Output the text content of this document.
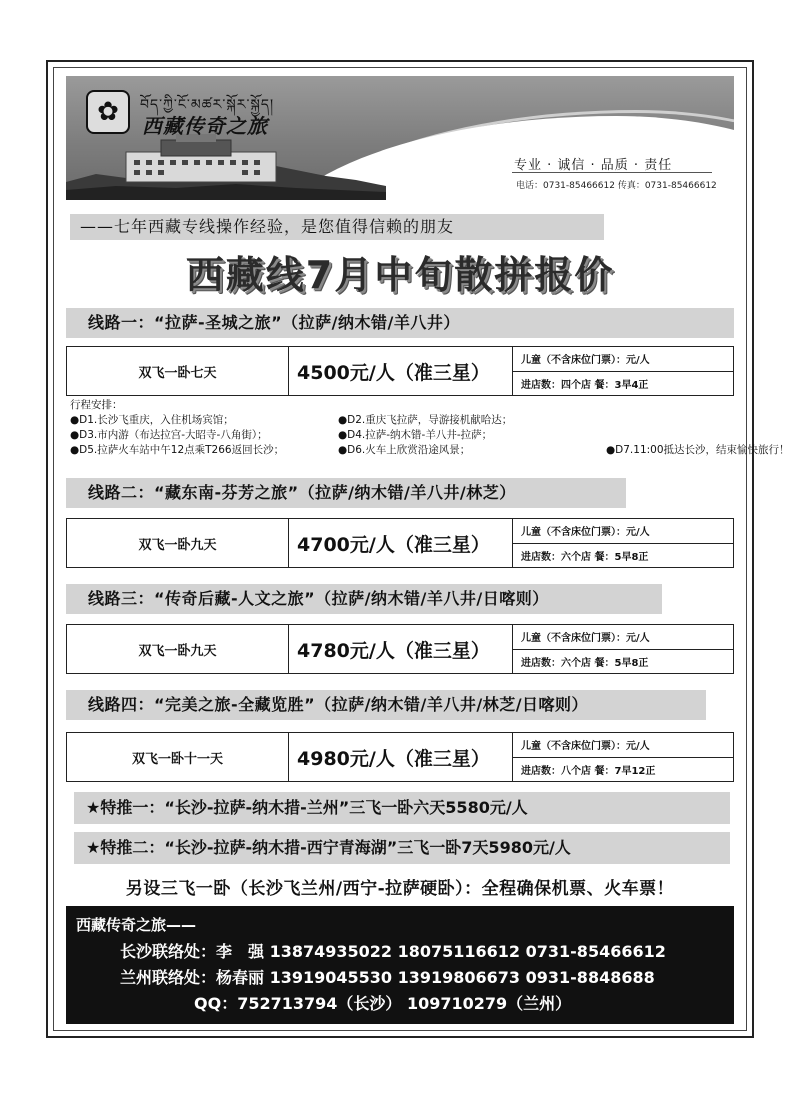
✿ བོད་ཀྱི་ངོ་མཚར་སྐོར་སྐྱོད།
西藏传奇之旅
专业 · 诚信 · 品质 · 责任
电话：0731-85466612 传真：0731-85466612
——七年西藏专线操作经验，是您值得信赖的朋友
西藏线7月中旬散拼报价
线路一：“拉萨-圣城之旅”（拉萨/纳木错/羊八井）
双飞一卧七天	4500元/人（准三星）
儿童（不含床位门票）：元/人
进店数：四个店 餐：3早4正
行程安排：
●D1.长沙飞重庆，入住机场宾馆；	●D2.重庆飞拉萨，导游接机献哈达；
●D3.市内游（布达拉宫-大昭寺-八角街）；	●D4.拉萨-纳木错-羊八井-拉萨；
●D5.拉萨火车站中午12点乘T266返回长沙；	●D6.火车上欣赏沿途风景；	●D7.11:00抵达长沙，结束愉快旅行！
线路二：“藏东南-芬芳之旅”（拉萨/纳木错/羊八井/林芝）
双飞一卧九天	4700元/人（准三星）
儿童（不含床位门票）：元/人
进店数：六个店 餐：5早8正
线路三：“传奇后藏-人文之旅”（拉萨/纳木错/羊八井/日喀则）
双飞一卧九天	4780元/人（准三星）
儿童（不含床位门票）：元/人
进店数：六个店 餐：5早8正
线路四：“完美之旅-全藏览胜”（拉萨/纳木错/羊八井/林芝/日喀则）
双飞一卧十一天	4980元/人（准三星）
儿童（不含床位门票）：元/人
进店数：八个店 餐：7早12正
★特推一：“长沙-拉萨-纳木措-兰州”三飞一卧六天5580元/人
★特推二：“长沙-拉萨-纳木措-西宁青海湖”三飞一卧7天5980元/人
另设三飞一卧（长沙飞兰州/西宁-拉萨硬卧）：全程确保机票、火车票！
西藏传奇之旅——
长沙联络处：李　强 13874935022 18075116612 0731-85466612
兰州联络处：杨春丽 13919045530 13919806673 0931-8848688
QQ：752713794（长沙） 109710279（兰州）
